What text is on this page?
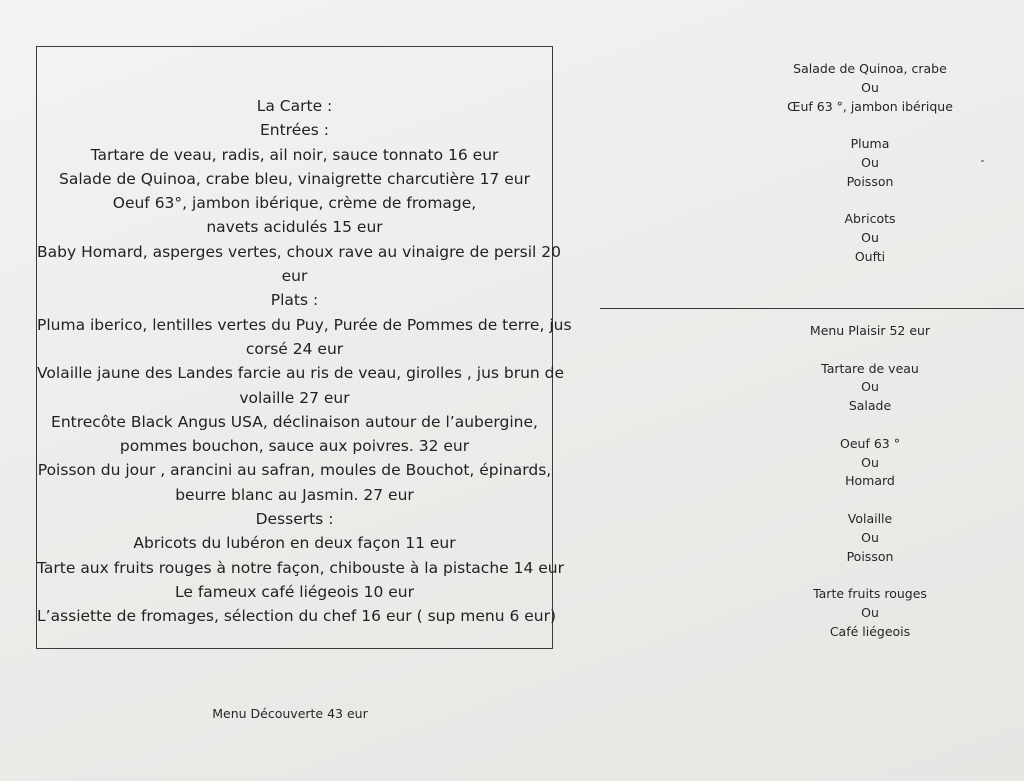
La Carte :
Entrées :
Tartare de veau, radis, ail noir, sauce tonnato 16 eur
Salade de Quinoa, crabe bleu, vinaigrette charcutière 17 eur
Oeuf 63°, jambon ibérique, crème de fromage,
navets acidulés 15 eur
Baby Homard, asperges vertes, choux rave au vinaigre de persil 20
eur
Plats :
Pluma iberico, lentilles vertes du Puy, Purée de Pommes de terre, jus
corsé 24 eur
Volaille jaune des Landes farcie au ris de veau, girolles , jus brun de
volaille 27 eur
Entrecôte Black Angus USA, déclinaison autour de l’aubergine,
pommes bouchon, sauce aux poivres. 32 eur
Poisson du jour , arancini au safran, moules de Bouchot, épinards,
beurre blanc au Jasmin. 27 eur
Desserts :
Abricots du lubéron en deux façon 11 eur
Tarte aux fruits rouges à notre façon, chibouste à la pistache 14 eur
Le fameux café liégeois 10 eur
L’assiette de fromages, sélection du chef 16 eur ( sup menu 6 eur)
Salade de Quinoa, crabe
Ou
Œuf 63 °, jambon ibérique
Pluma
Ou
Poisson
Abricots
Ou
Oufti
Menu Plaisir 52 eur
Tartare de veau
Ou
Salade
Oeuf 63 °
Ou
Homard
Volaille
Ou
Poisson
Tarte fruits rouges
Ou
Café liégeois
Menu Découverte 43 eur
